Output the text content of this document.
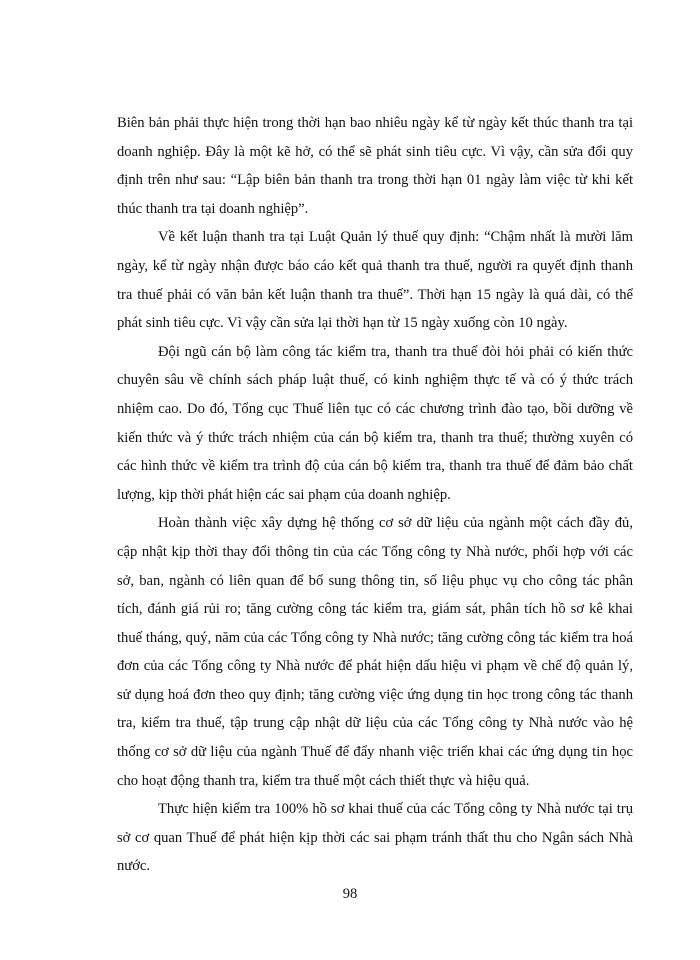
Biên bản phải thực hiện trong thời hạn bao nhiêu ngày kể từ ngày kết thúc thanh tra tại doanh nghiệp. Đây là một kẽ hở, có thể sẽ phát sinh tiêu cực. Vì vậy, cần sửa đổi quy định trên như sau: “Lập biên bản thanh tra trong thời hạn 01 ngày làm việc từ khi kết thúc thanh tra tại doanh nghiệp”.

Về kết luận thanh tra tại Luật Quản lý thuế quy định: “Chậm nhất là mười lăm ngày, kể từ ngày nhận được báo cáo kết quả thanh tra thuế, người ra quyết định thanh tra thuế phải có văn bản kết luận thanh tra thuế”. Thời hạn 15 ngày là quá dài, có thể phát sinh tiêu cực. Vì vậy cần sửa lại thời hạn từ 15 ngày xuống còn 10 ngày.

Đội ngũ cán bộ làm công tác kiểm tra, thanh tra thuế đòi hỏi phải có kiến thức chuyên sâu về chính sách pháp luật thuế, có kinh nghiệm thực tế và có ý thức trách nhiệm cao. Do đó, Tổng cục Thuế liên tục có các chương trình đào tạo, bồi dưỡng về kiến thức và ý thức trách nhiệm của cán bộ kiểm tra, thanh tra thuế; thường xuyên có các hình thức về kiểm tra trình độ của cán bộ kiểm tra, thanh tra thuế để đảm bảo chất lượng, kịp thời phát hiện các sai phạm của doanh nghiệp.

Hoàn thành việc xây dựng hệ thống cơ sở dữ liệu của ngành một cách đầy đủ, cập nhật kịp thời thay đổi thông tin của các Tổng công ty Nhà nước, phối hợp với các sở, ban, ngành có liên quan để bổ sung thông tin, số liệu phục vụ cho công tác phân tích, đánh giá rủi ro; tăng cường công tác kiểm tra, giám sát, phân tích hồ sơ kê khai thuế tháng, quý, năm của các Tổng công ty Nhà nước; tăng cường công tác kiểm tra hoá đơn của các Tổng công ty Nhà nước để phát hiện dấu hiệu vi phạm về chế độ quản lý, sử dụng hoá đơn theo quy định; tăng cường việc ứng dụng tin học trong công tác thanh tra, kiểm tra thuế, tập trung cập nhật dữ liệu của các Tổng công ty Nhà nước vào hệ thống cơ sở dữ liệu của ngành Thuế để đẩy nhanh việc triển khai các ứng dụng tin học cho hoạt động thanh tra, kiểm tra thuế một cách thiết thực và hiệu quả.

Thực hiện kiểm tra 100% hồ sơ khai thuế của các Tổng công ty Nhà nước tại trụ sở cơ quan Thuế để phát hiện kịp thời các sai phạm tránh thất thu cho Ngân sách Nhà nước.

98
